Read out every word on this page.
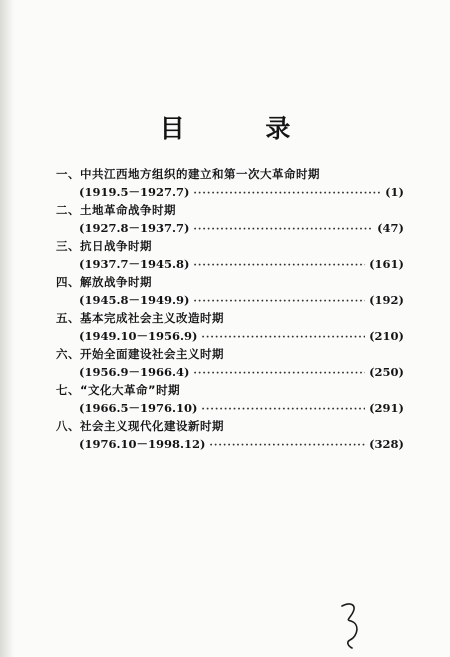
目 录
一、中共江西地方组织的建立和第一次大革命时期
(1919.5－1927.7) ·····	(1)
二、土地革命战争时期
(1927.8－1937.7) ·····	(47)
三、抗日战争时期
(1937.7－1945.8) ·····	(161)
四、解放战争时期
(1945.8－1949.9) ·····	(192)
五、基本完成社会主义改造时期
(1949.10－1956.9) ·····	(210)
六、开始全面建设社会主义时期
(1956.9－1966.4) ·····	(250)
七、“文化大革命”时期
(1966.5－1976.10) ·····	(291)
八、社会主义现代化建设新时期
(1976.10－1998.12) ·····	(328)
